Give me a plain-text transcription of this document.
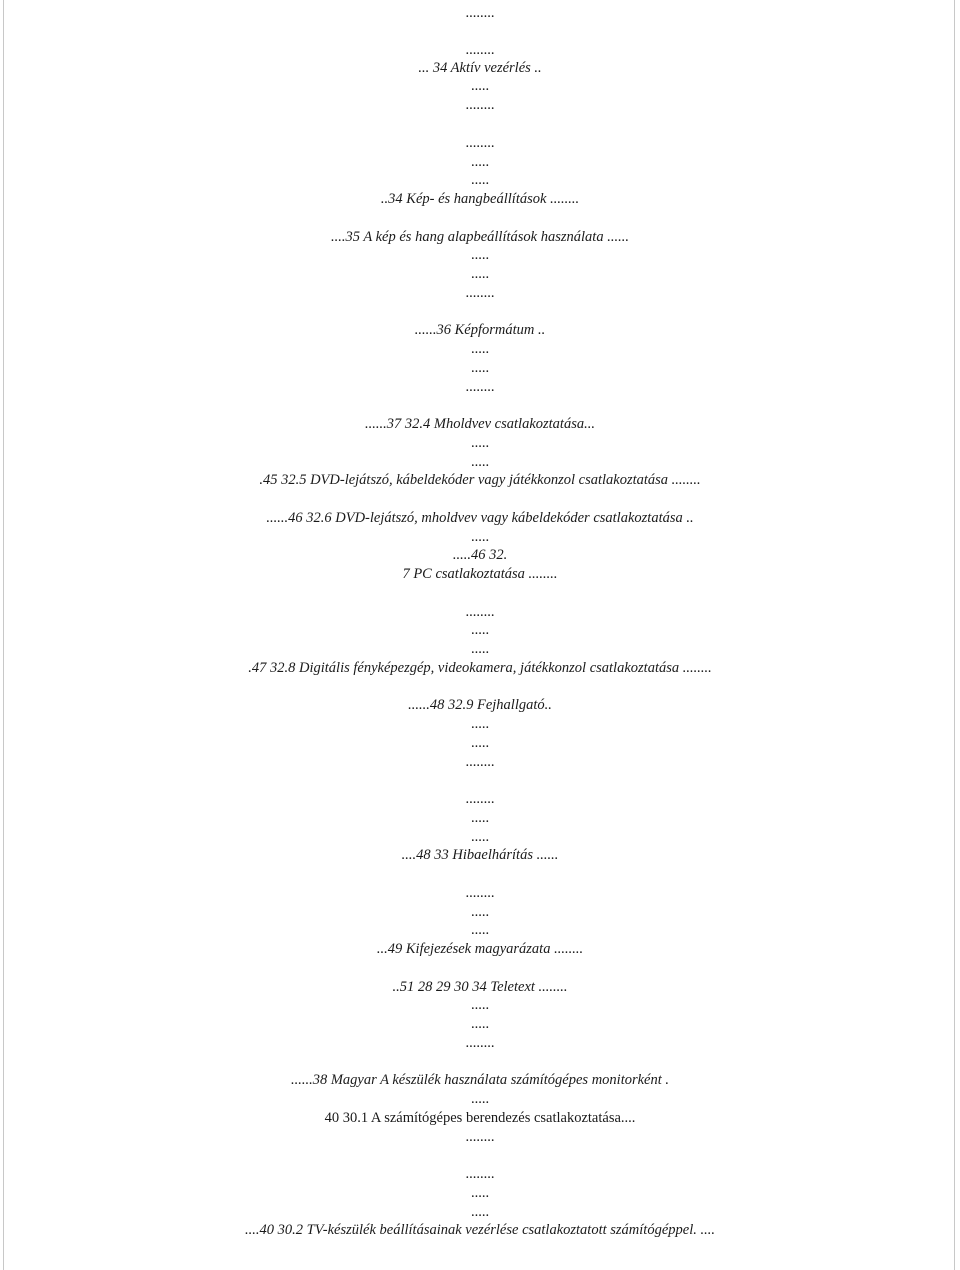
........
........
... 34 Aktív vezérlés ..
.....
........
........
.....
.....
..34 Kép- és hangbeállítások ........
....35 A kép és hang alapbeállítások használata ......
.....
.....
........
......36 Képformátum ..
.....
.....
........
......37 32.4 Mholdvev csatlakoztatása...
.....
.....
.45 32.5 DVD-lejátszó, kábeldekóder vagy játékkonzol csatlakoztatása ........
......46 32.6 DVD-lejátszó, mholdvev vagy kábeldekóder csatlakoztatása ..
.....
.....46 32.
7 PC csatlakoztatása ........
........
.....
.....
.47 32.8 Digitális fényképezgép, videokamera, játékkonzol csatlakoztatása ........
......48 32.9 Fejhallgató..
.....
.....
........
........
.....
.....
....48 33 Hibaelhárítás ......
........
.....
.....
...49 Kifejezések magyarázata ........
..51 28 29 30 34 Teletext ........
.....
.....
........
......38 Magyar A készülék használata számítógépes monitorként .
.....
40 30.1 A számítógépes berendezés csatlakoztatása....
........
........
.....
.....
....40 30.2 TV-készülék beállításainak vezérlése csatlakoztatott számítógéppel. ....
